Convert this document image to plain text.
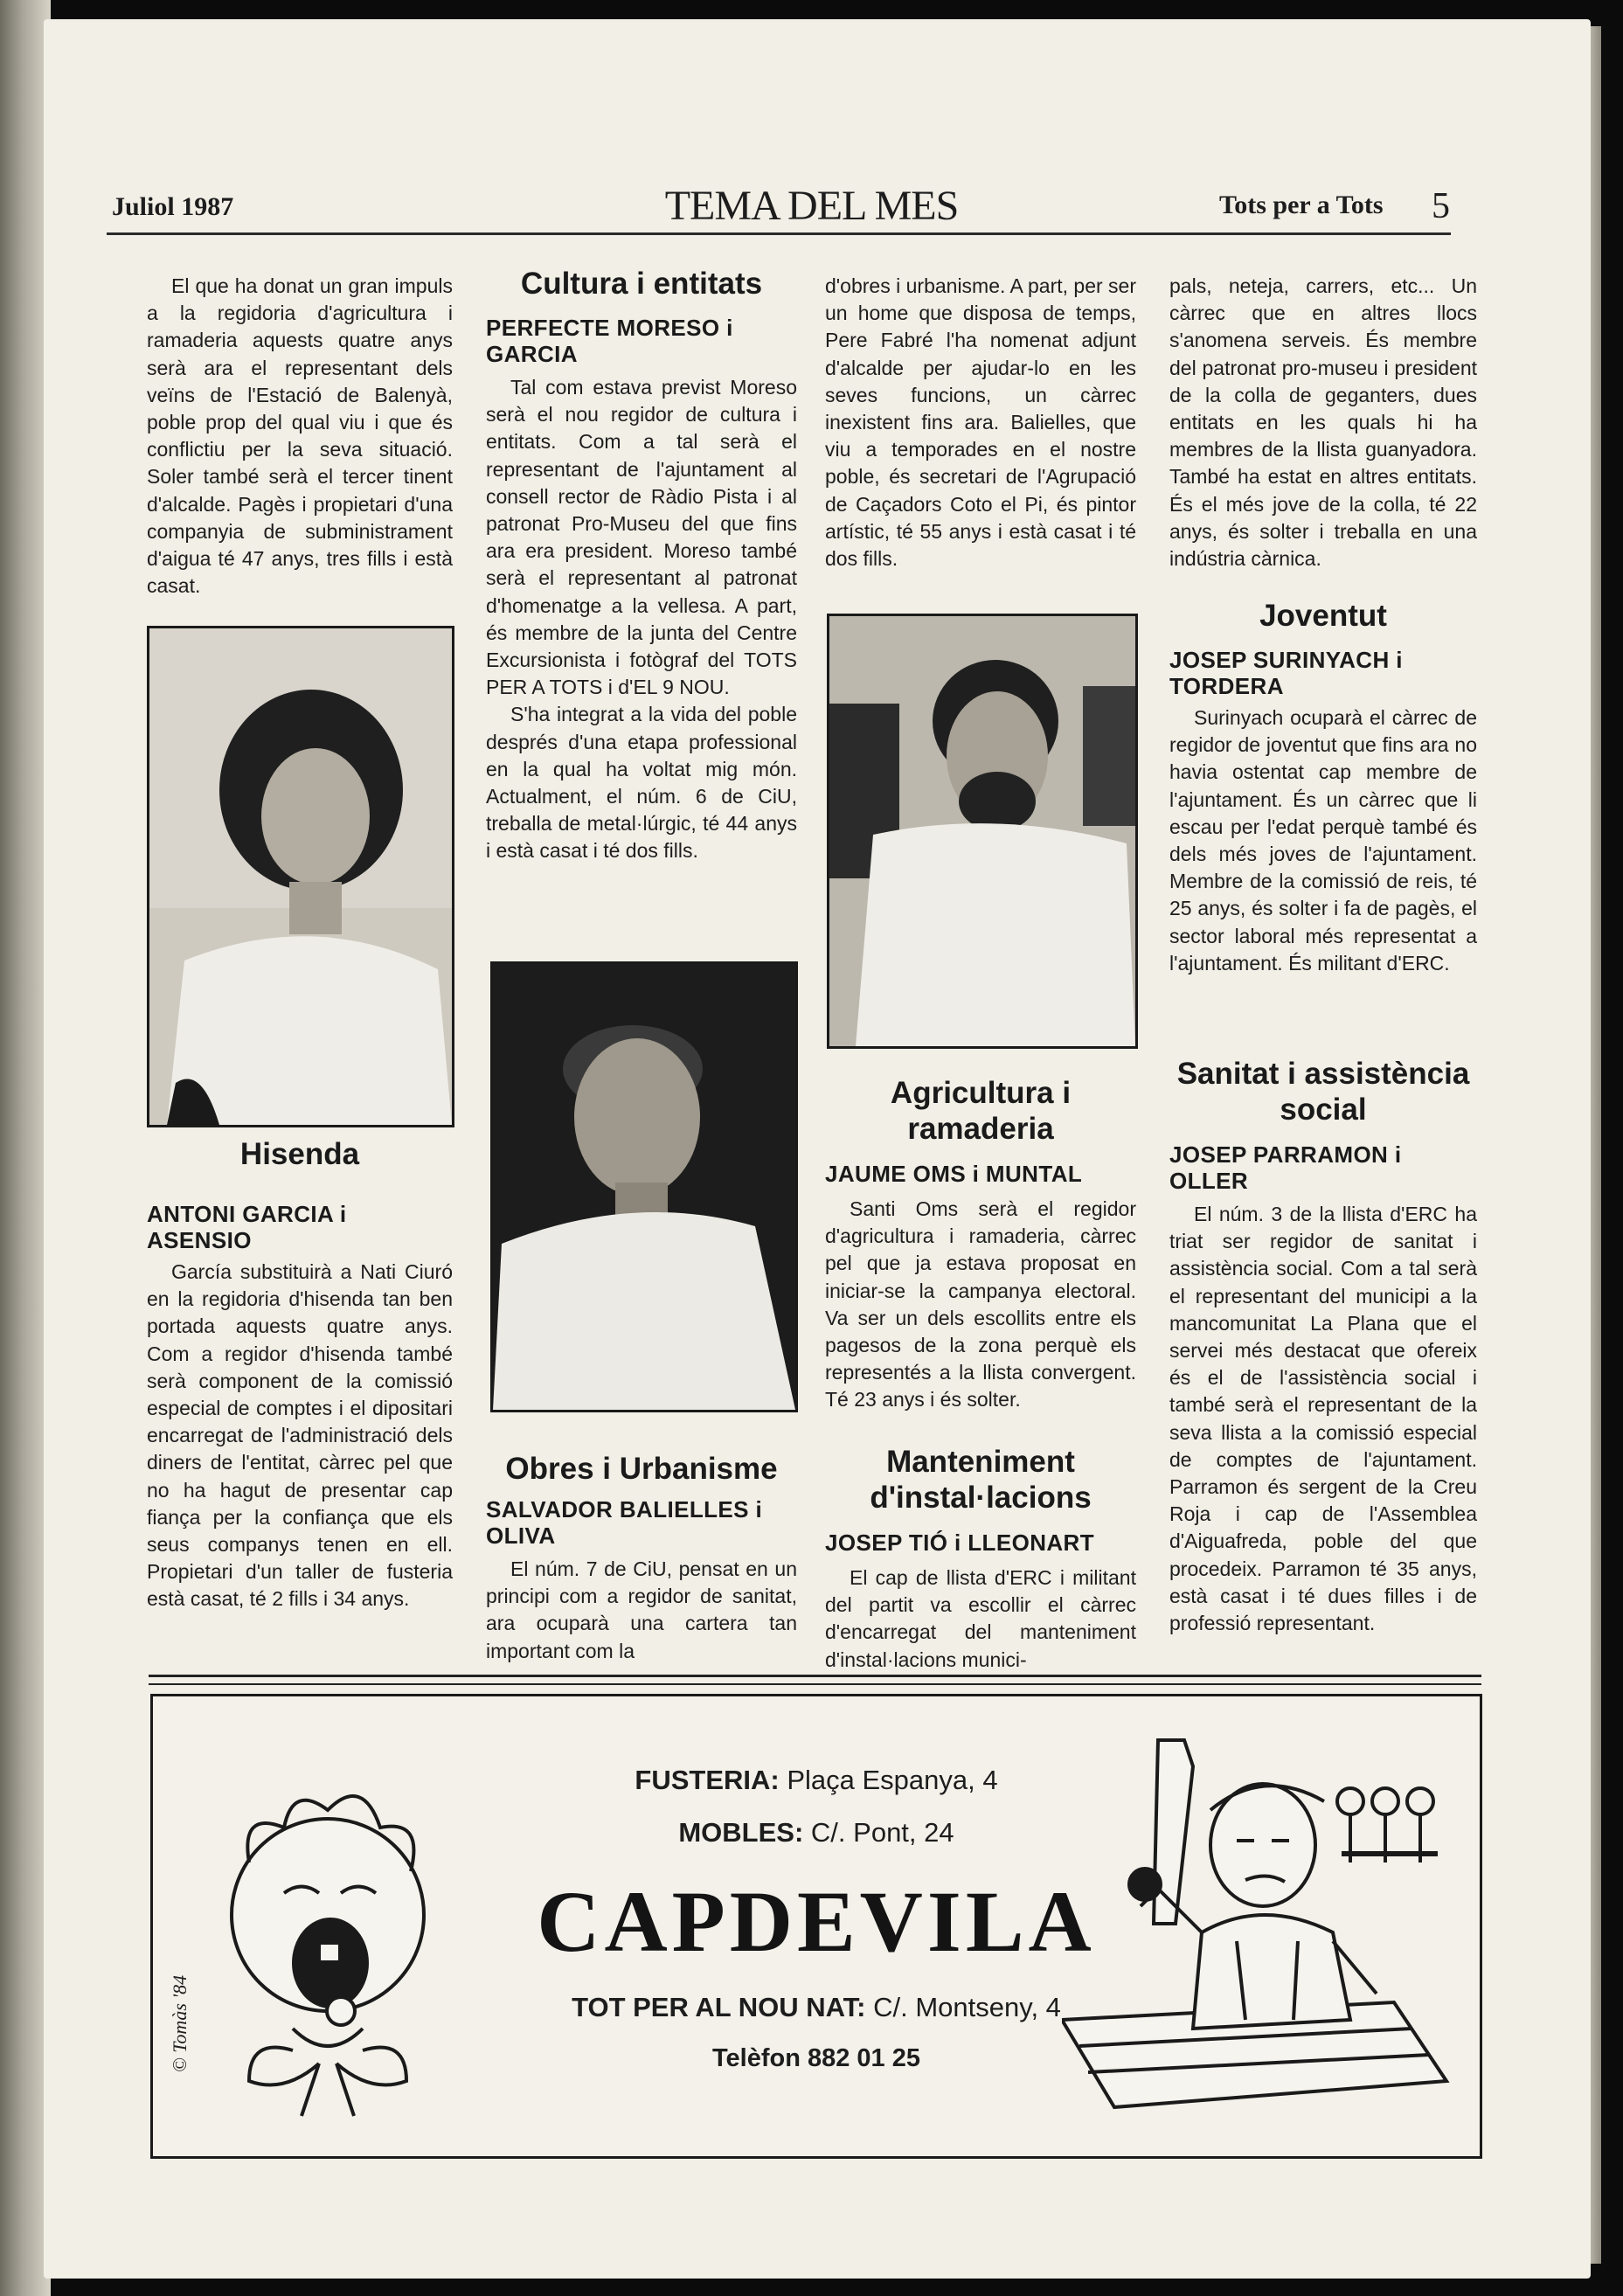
Juliol 1987	TEMA DEL MES	Tots per a Tots 5

El que ha donat un gran impuls a la regidoria d'agricultura i ramaderia aquests quatre anys serà ara el representant dels veïns de l'Estació de Balenyà, poble prop del qual viu i que és conflictiu per la seva situació. Soler també serà el tercer tinent d'alcalde. Pagès i propietari d'una companyia de subministrament d'aigua té 47 anys, tres fills i està casat.

Hisenda
ANTONI GARCIA i ASENSIO

García substituirà a Nati Ciuró en la regidoria d'hisenda tan ben portada aquests quatre anys. Com a regidor d'hisenda també serà component de la comissió especial de comptes i el dipositari encarregat de l'administració dels diners de l'entitat, càrrec pel que no ha hagut de presentar cap fiança per la confiança que els seus companys tenen en ell. Propietari d'un taller de fusteria està casat, té 2 fills i 34 anys.

Cultura i entitats
PERFECTE MORESO i GARCIA

Tal com estava previst Moreso serà el nou regidor de cultura i entitats. Com a tal serà el representant de l'ajuntament al consell rector de Ràdio Pista i al patronat Pro-Museu del que fins ara era president. Moreso també serà el representant al patronat d'homenatge a la vellesa. A part, és membre de la junta del Centre Excursionista i fotògraf del TOTS PER A TOTS i d'EL 9 NOU.

S'ha integrat a la vida del poble després d'una etapa professional en la qual ha voltat mig món. Actualment, el núm. 6 de CiU, treballa de metal·lúrgic, té 44 anys i està casat i té dos fills.

Obres i Urbanisme
SALVADOR BALIELLES i OLIVA

El núm. 7 de CiU, pensat en un principi com a regidor de sanitat, ara ocuparà una cartera tan important com la

d'obres i urbanisme. A part, per ser un home que disposa de temps, Pere Fabré l'ha nomenat adjunt d'alcalde per ajudar-lo en les seves funcions, un càrrec inexistent fins ara. Balielles, que viu a temporades en el nostre poble, és secretari de l'Agrupació de Caçadors Coto el Pi, és pintor artístic, té 55 anys i està casat i té dos fills.

Agricultura i ramaderia
JAUME OMS i MUNTAL

Santi Oms serà el regidor d'agricultura i ramaderia, càrrec pel que ja estava proposat en iniciar-se la campanya electoral. Va ser un dels escollits entre els pagesos de la zona perquè els representés a la llista convergent. Té 23 anys i és solter.

Manteniment d'instal·lacions
JOSEP TIÓ i LLEONART

El cap de llista d'ERC i militant del partit va escollir el càrrec d'encarregat del manteniment d'instal·lacions munici-

pals, neteja, carrers, etc... Un càrrec que en altres llocs s'anomena serveis. És membre del patronat pro-museu i president de la colla de geganters, dues entitats en les quals hi ha membres de la llista guanyadora. També ha estat en altres entitats. És el més jove de la colla, té 22 anys, és solter i treballa en una indústria càrnica.

Joventut
JOSEP SURINYACH i TORDERA

Surinyach ocuparà el càrrec de regidor de joventut que fins ara no havia ostentat cap membre de l'ajuntament. És un càrrec que li escau per l'edat perquè també és dels més joves de l'ajuntament. Membre de la comissió de reis, té 25 anys, és solter i fa de pagès, el sector laboral més representat a l'ajuntament. És militant d'ERC.

Sanitat i assistència social
JOSEP PARRAMON i OLLER

El núm. 3 de la llista d'ERC ha triat ser regidor de sanitat i assistència social. Com a tal serà el representant del municipi a la mancomunitat La Plana que el servei més destacat que ofereix és el de l'assistència social i també serà el representant de la seva llista a la comissió especial de comptes de l'ajuntament. Parramon és sergent de la Creu Roja i cap de l'Assemblea d'Aiguafreda, poble del que procedeix. Parramon té 35 anys, està casat i té dues filles i de professió representant.

FUSTERIA: Plaça Espanya, 4
MOBLES: C/. Pont, 24
CAPDEVILA
TOT PER AL NOU NAT: C/. Montseny, 4
Telèfon 882 01 25
© Tomàs '84
